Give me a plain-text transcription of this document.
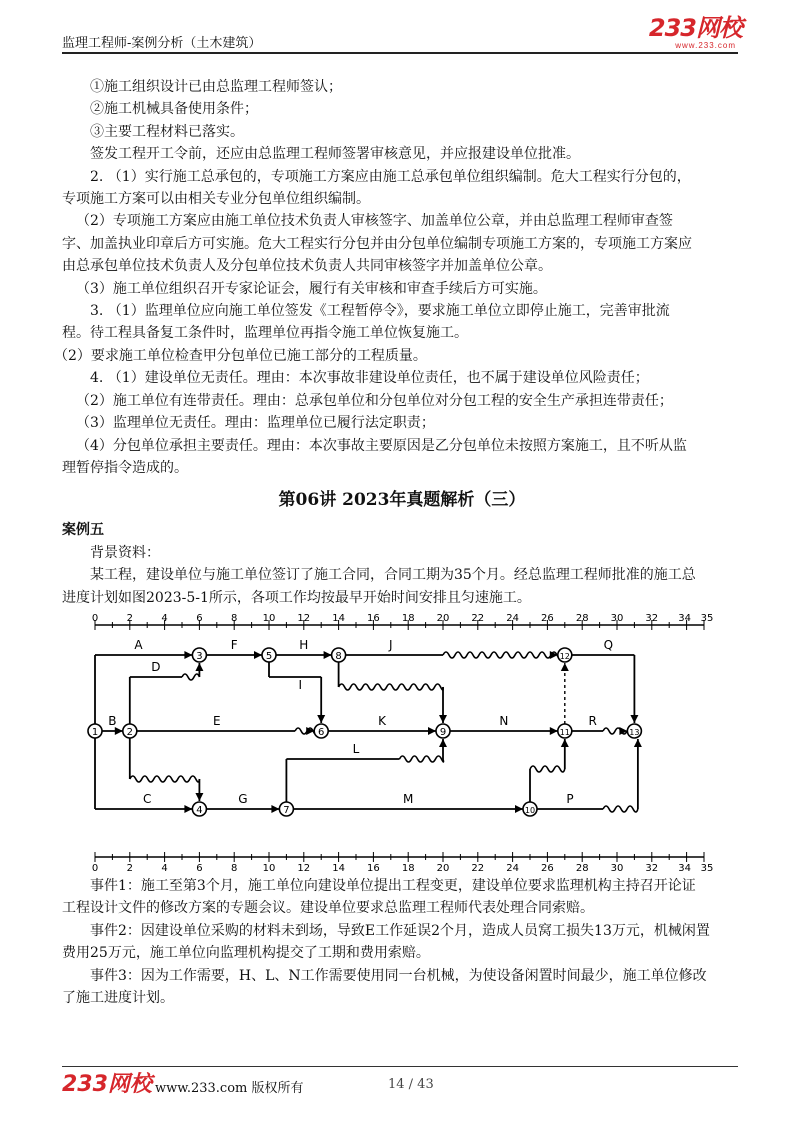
监理工程师-案例分析（土木建筑）
233网校
www.233.com
①施工组织设计已由总监理工程师签认；
②施工机械具备使用条件；
③主要工程材料已落实。
签发工程开工令前，还应由总监理工程师签署审核意见，并应报建设单位批准。
2. （1）实行施工总承包的，专项施工方案应由施工总承包单位组织编制。危大工程实行分包的，
专项施工方案可以由相关专业分包单位组织编制。
（2）专项施工方案应由施工单位技术负责人审核签字、加盖单位公章，并由总监理工程师审查签
字、加盖执业印章后方可实施。危大工程实行分包并由分包单位编制专项施工方案的，专项施工方案应
由总承包单位技术负责人及分包单位技术负责人共同审核签字并加盖单位公章。
（3）施工单位组织召开专家论证会，履行有关审核和审查手续后方可实施。
3. （1）监理单位应向施工单位签发《工程暂停令》，要求施工单位立即停止施工，完善审批流
程。待工程具备复工条件时，监理单位再指令施工单位恢复施工。
（2）要求施工单位检查甲分包单位已施工部分的工程质量。
4. （1）建设单位无责任。理由：本次事故非建设单位责任，也不属于建设单位风险责任；
（2）施工单位有连带责任。理由：总承包单位和分包单位对分包工程的安全生产承担连带责任；
（3）监理单位无责任。理由：监理单位已履行法定职责；
（4）分包单位承担主要责任。理由：本次事故主要原因是乙分包单位未按照方案施工，且不听从监
理暂停指令造成的。
第06讲 2023年真题解析（三）
案例五
背景资料：
某工程，建设单位与施工单位签订了施工合同，合同工期为35个月。经总监理工程师批准的施工总
进度计划如图2023-5-1所示，各项工作均按最早开始时间安排且匀速施工。
0	2	4	6	8	10 12 14 16 18 20 22 24 26 28 30 32 34 35
0	2	4	6	8	10 12 14 16 18 20 22 24 26 28 30 32 34 35
A
B
C
D
E
F	H
I
J
K
G
L
M
N
Q
R
P
1	2
3
4
5
6
7
8
9
10
11
12
13
事件1：施工至第3个月，施工单位向建设单位提出工程变更，建设单位要求监理机构主持召开论证
工程设计文件的修改方案的专题会议。建设单位要求总监理工程师代表处理合同索赔。
事件2：因建设单位采购的材料未到场，导致E工作延误2个月，造成人员窝工损失13万元，机械闲置
费用25万元，施工单位向监理机构提交了工期和费用索赔。
事件3：因为工作需要，H、L、N工作需要使用同一台机械，为使设备闲置时间最少，施工单位修改
了施工进度计划。
233网校 www.233.com 版权所有	14 / 43
